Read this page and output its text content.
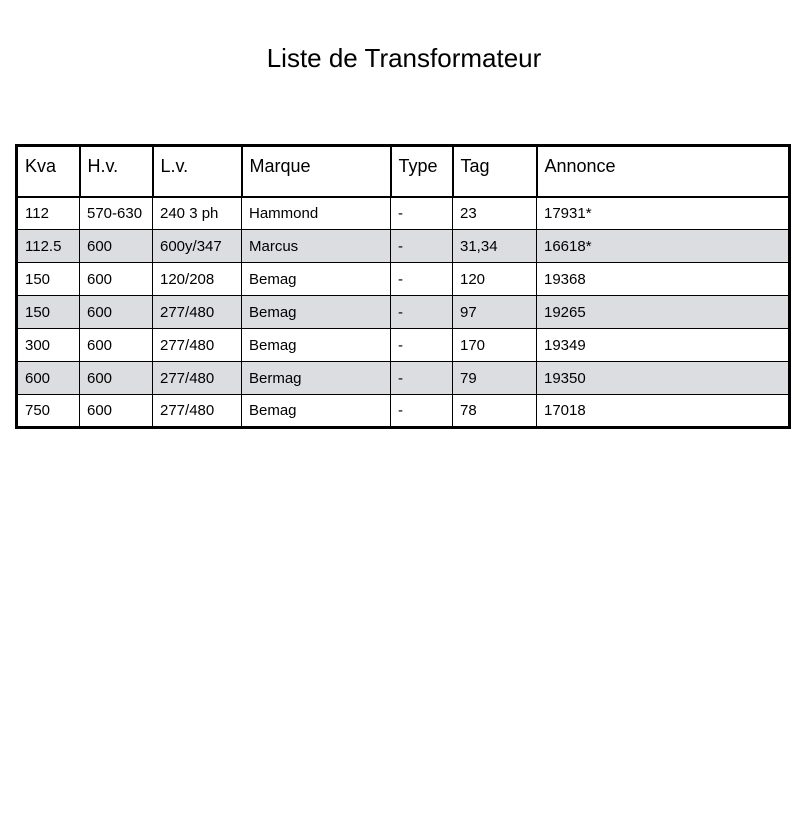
Liste de Transformateur
Kva	H.v.	L.v.	Marque	Type	Tag	Annonce
112	570-630	240 3 ph	Hammond	-	23	17931*
112.5	600	600y/347	Marcus	-	31,34	16618*
150	600	120/208	Bemag	-	120	19368
150	600	277/480	Bemag	-	97	19265
300	600	277/480	Bemag	-	170	19349
600	600	277/480	Bermag	-	79	19350
750	600	277/480	Bemag	-	78	17018
